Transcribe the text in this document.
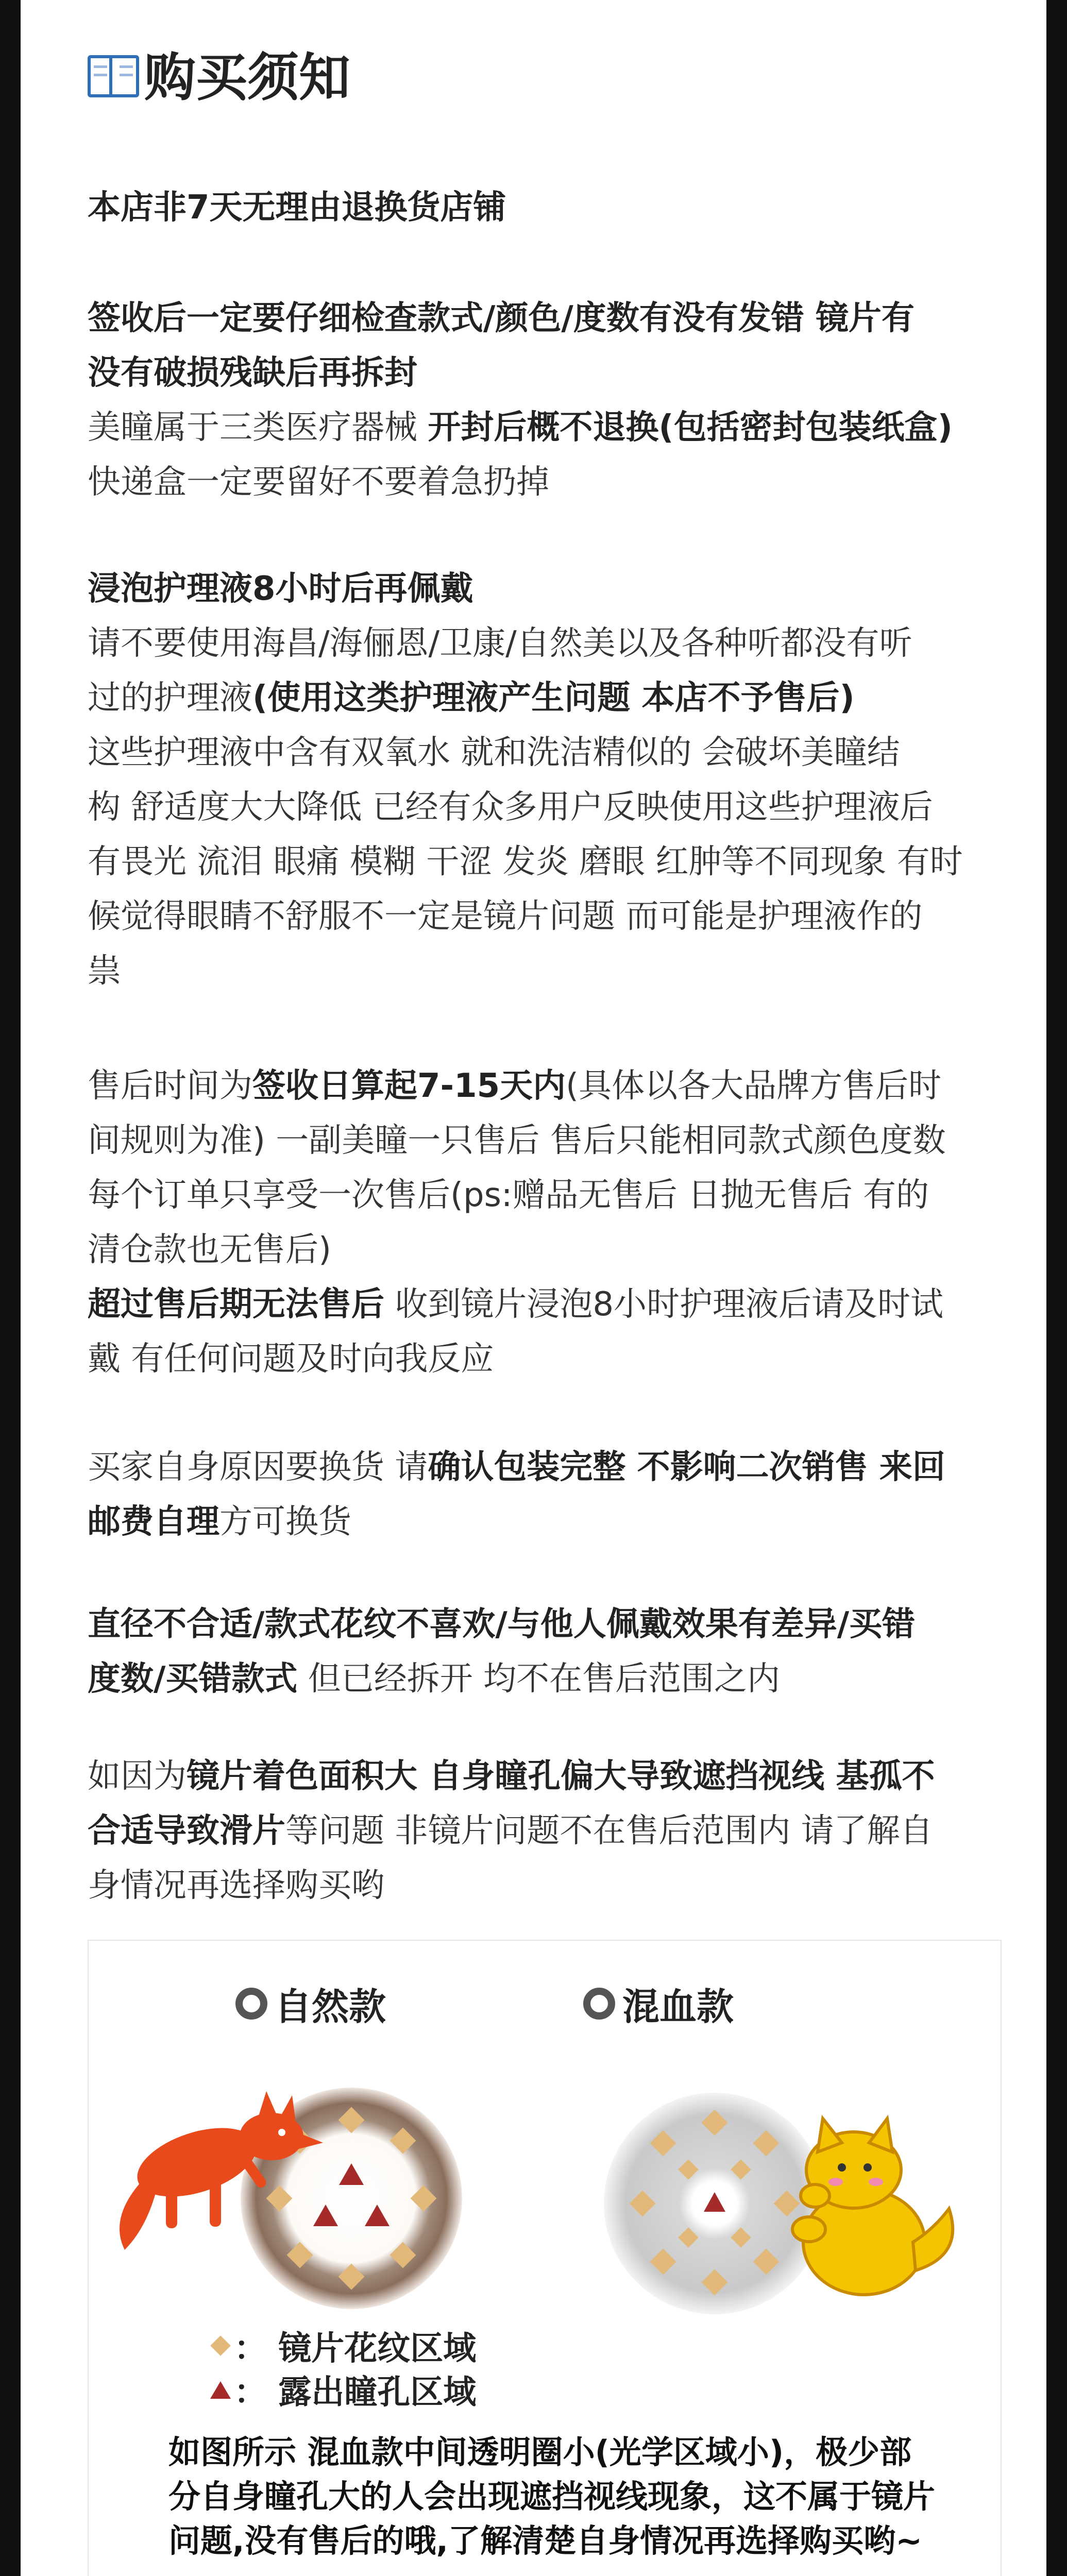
购买须知

本店非7天无理由退换货店铺

签收后一定要仔细检查款式/颜色/度数有没有发错 镜片有

没有破损残缺后再拆封

美瞳属于三类医疗器械 开封后概不退换(包括密封包装纸盒)

快递盒一定要留好不要着急扔掉

浸泡护理液8小时后再佩戴

请不要使用海昌/海俪恩/卫康/自然美以及各种听都没有听

过的护理液(使用这类护理液产生问题 本店不予售后)

这些护理液中含有双氧水 就和洗洁精似的 会破坏美瞳结

构 舒适度大大降低 已经有众多用户反映使用这些护理液后

有畏光 流泪 眼痛 模糊 干涩 发炎 磨眼 红肿等不同现象 有时

候觉得眼睛不舒服不一定是镜片问题 而可能是护理液作的

祟

售后时间为签收日算起7-15天内(具体以各大品牌方售后时

间规则为准) 一副美瞳一只售后 售后只能相同款式颜色度数

每个订单只享受一次售后(ps:赠品无售后 日抛无售后 有的

清仓款也无售后)

超过售后期无法售后 收到镜片浸泡8小时护理液后请及时试

戴 有任何问题及时向我反应

买家自身原因要换货 请确认包装完整 不影响二次销售 来回

邮费自理方可换货

直径不合适/款式花纹不喜欢/与他人佩戴效果有差异/买错

度数/买错款式 但已经拆开 均不在售后范围之内

如因为镜片着色面积大 自身瞳孔偏大导致遮挡视线 基孤不

合适导致滑片等问题 非镜片问题不在售后范围内 请了解自

身情况再选择购买哟

自然款	混血款
： 镜片花纹区域
： 露出瞳孔区域
如图所示 混血款中间透明圈小(光学区域小)，极少部分自身瞳孔大的人会出现遮挡视线现象，这不属于镜片问题,没有售后的哦,了解清楚自身情况再选择购买哟~
